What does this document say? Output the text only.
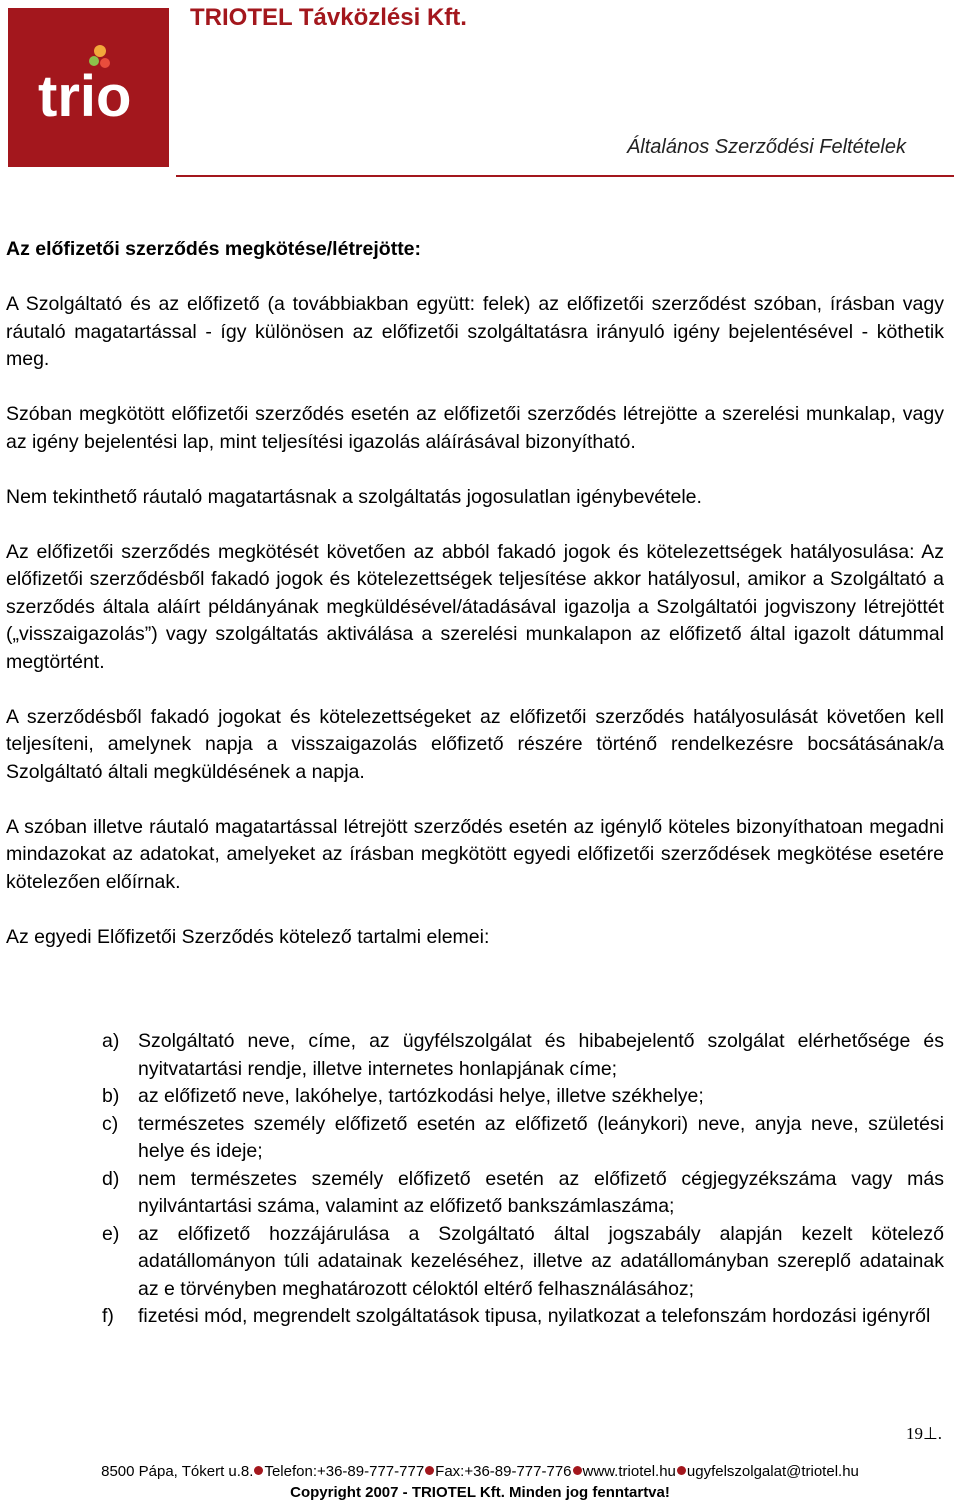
trio
TRIOTEL Távközlési Kft.
Általános Szerződési Feltételek
Az előfizetői szerződés megkötése/létrejötte:

A Szolgáltató és az előfizető (a továbbiakban együtt: felek) az előfizetői szerződést szóban, írásban vagy ráutaló magatartással - így különösen az előfizetői szolgáltatásra irányuló igény bejelentésével - köthetik meg.

Szóban megkötött előfizetői szerződés esetén az előfizetői szerződés létrejötte a szerelési munkalap, vagy az igény bejelentési lap, mint teljesítési igazolás aláírásával bizonyítható.

Nem tekinthető ráutaló magatartásnak a szolgáltatás jogosulatlan igénybevétele.

Az előfizetői szerződés megkötését követően az abból fakadó jogok és kötelezettségek hatályosulása: Az előfizetői szerződésből fakadó jogok és kötelezettségek teljesítése akkor hatályosul, amikor a Szolgáltató a szerződés általa aláírt példányának megküldésével/átadásával igazolja a Szolgáltatói jogviszony létrejöttét („visszaigazolás”) vagy szolgáltatás aktiválása a szerelési munkalapon az előfizető által igazolt dátummal megtörtént.

A szerződésből fakadó jogokat és kötelezettségeket az előfizetői szerződés hatályosulását követően kell teljesíteni, amelynek napja a visszaigazolás előfizető részére történő rendelkezésre bocsátásának/a Szolgáltató általi megküldésének a napja.

A szóban illetve ráutaló magatartással létrejött szerződés esetén az igénylő köteles bizonyíthatoan megadni mindazokat az adatokat, amelyeket az írásban megkötött egyedi előfizetői szerződések megkötése esetére kötelezően előírnak.

Az egyedi Előfizetői Szerződés kötelező tartalmi elemei:

a) Szolgáltató neve, címe, az ügyfélszolgálat és hibabejelentő szolgálat elérhetősége és nyitvatartási rendje, illetve internetes honlapjának címe;
b) az előfizető neve, lakóhelye, tartózkodási helye, illetve székhelye;
c) természetes személy előfizető esetén az előfizető (leánykori) neve, anyja neve, születési helye és ideje;
d) nem természetes személy előfizető esetén az előfizető cégjegyzékszáma vagy más nyilvántartási száma, valamint az előfizető bankszámlaszáma;
e) az előfizető hozzájárulása a Szolgáltató által jogszabály alapján kezelt kötelező adatállományon túli adatainak kezeléséhez, illetve az adatállományban szereplő adatainak az e törvényben meghatározott céloktól eltérő felhasználásához;
f) fizetési mód, megrendelt szolgáltatások tipusa, nyilatkozat a telefonszám hordozási igényről
19⊥.
8500 Pápa, Tókert u.8. Telefon:+36-89-777-777 Fax:+36-89-777-776 www.triotel.hu ugyfelszolgalat@triotel.hu
Copyright 2007 - TRIOTEL Kft. Minden jog fenntartva!
